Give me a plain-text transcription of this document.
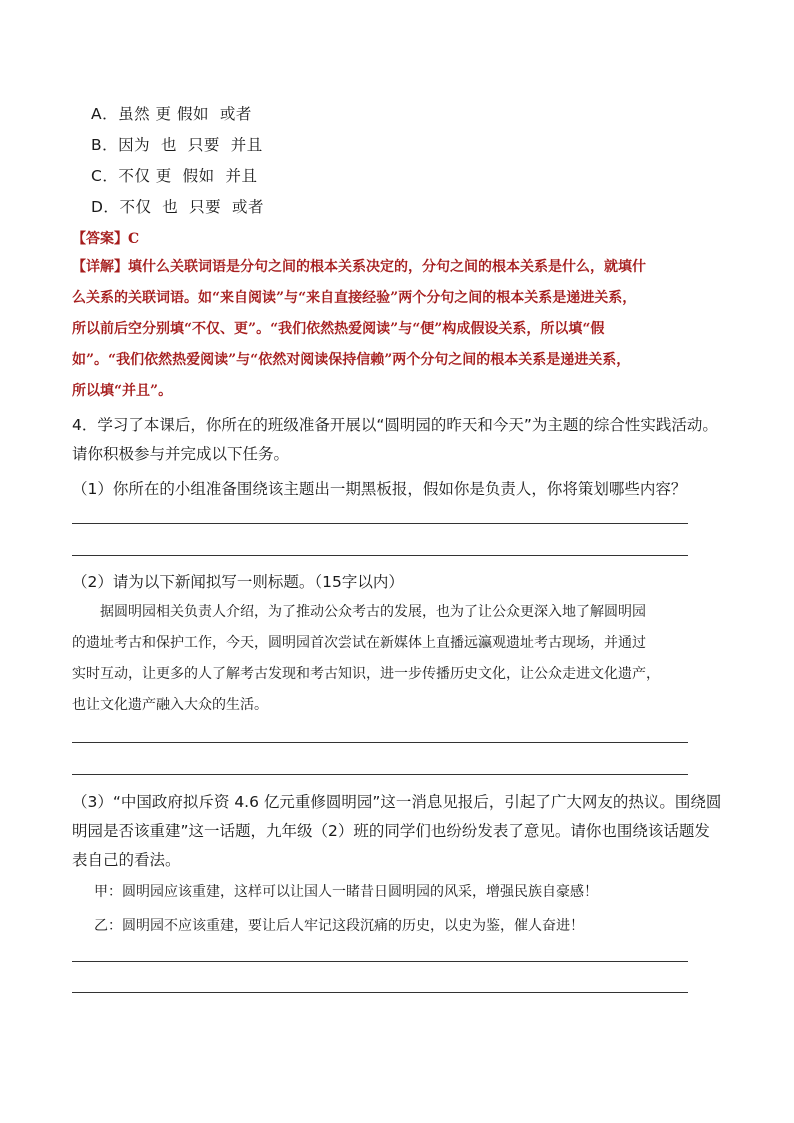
A．虽然 更 假如  或者
B．因为  也  只要  并且
C．不仅 更  假如  并且
D．不仅  也  只要  或者
【答案】C
【详解】填什么关联词语是分句之间的根本关系决定的，分句之间的根本关系是什么，就填什
么关系的关联词语。如“来自阅读”与“来自直接经验”两个分句之间的根本关系是递进关系，
所以前后空分别填“不仅、更”。“我们依然热爱阅读”与“便”构成假设关系，所以填“假
如”。“我们依然热爱阅读”与“依然对阅读保持信赖”两个分句之间的根本关系是递进关系，
所以填“并且”。
4．学习了本课后，你所在的班级准备开展以“圆明园的昨天和今天”为主题的综合性实践活动。
请你积极参与并完成以下任务。
（1）你所在的小组准备围绕该主题出一期黑板报，假如你是负责人，你将策划哪些内容？
（2）请为以下新闻拟写一则标题。（15字以内）
据圆明园相关负责人介绍，为了推动公众考古的发展，也为了让公众更深入地了解圆明园
的遗址考古和保护工作，今天，圆明园首次尝试在新媒体上直播远瀛观遗址考古现场，并通过
实时互动，让更多的人了解考古发现和考古知识，进一步传播历史文化，让公众走进文化遗产，
也让文化遗产融入大众的生活。
（3）“中国政府拟斥资 4.6 亿元重修圆明园”这一消息见报后，引起了广大网友的热议。围绕圆
明园是否该重建”这一话题，九年级（2）班的同学们也纷纷发表了意见。请你也围绕该话题发
表自己的看法。
甲：圆明园应该重建，这样可以让国人一睹昔日圆明园的风采，增强民族自豪感！
乙：圆明园不应该重建，要让后人牢记这段沉痛的历史，以史为鉴，催人奋进！
